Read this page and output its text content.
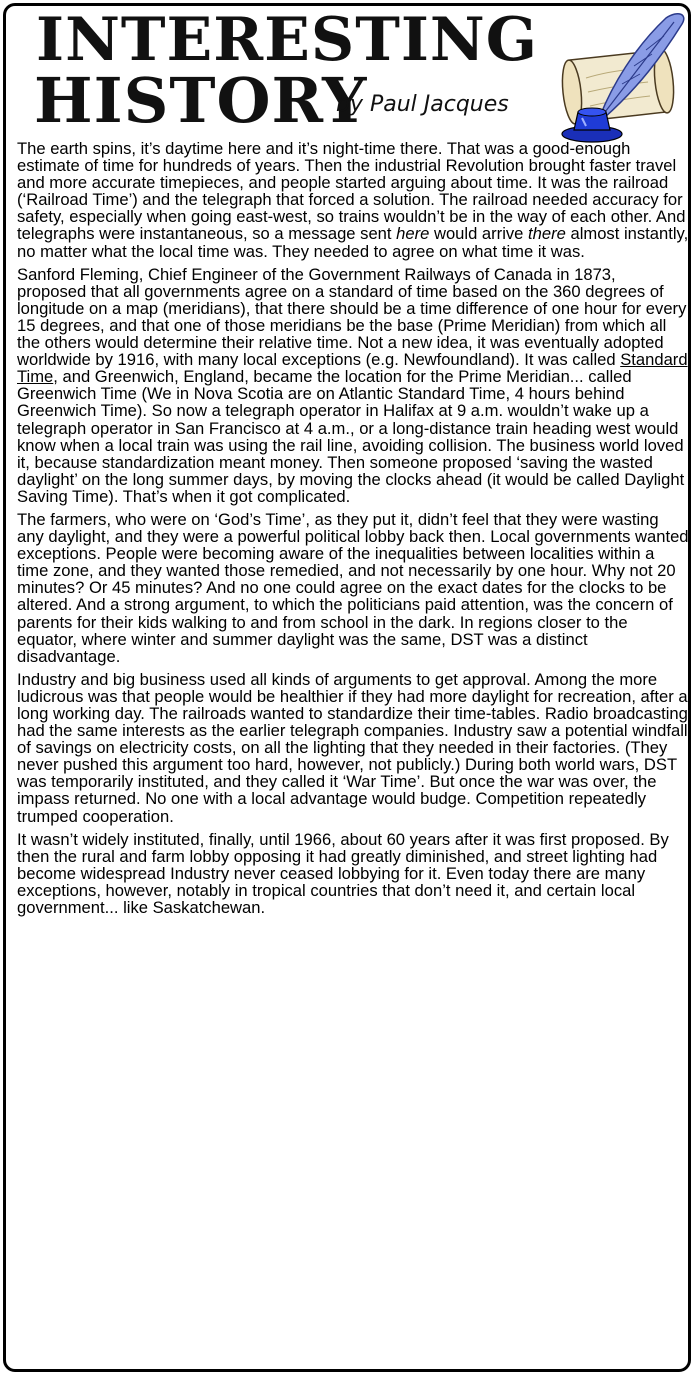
INTERESTING
HISTORY
by Paul Jacques

The earth spins, it’s daytime here and it’s night-time there. That was a good-enough estimate of time for hundreds of years. Then the industrial Revolution brought faster travel and more accurate timepieces, and people started arguing about time. It was the railroad (‘Railroad Time’) and the telegraph that forced a solution. The railroad needed accuracy for safety, especially when going east-west, so trains wouldn’t be in the way of each other. And telegraphs were instantaneous, so a message sent here would arrive there almost instantly, no matter what the local time was. They needed to agree on what time it was.

Sanford Fleming, Chief Engineer of the Government Railways of Canada in 1873, proposed that all governments agree on a standard of time based on the 360 degrees of longitude on a map (meridians), that there should be a time difference of one hour for every 15 degrees, and that one of those meridians be the base (Prime Meridian) from which all the others would determine their relative time. Not a new idea, it was eventually adopted worldwide by 1916, with many local exceptions (e.g. Newfoundland). It was called Standard Time, and Greenwich, England, became the location for the Prime Meridian... called Greenwich Time (We in Nova Scotia are on Atlantic Standard Time, 4 hours behind Greenwich Time). So now a telegraph operator in Halifax at 9 a.m. wouldn’t wake up a telegraph operator in San Francisco at 4 a.m., or a long-distance train heading west would know when a local train was using the rail line, avoiding collision. The business world loved it, because standardization meant money. Then someone proposed ‘saving the wasted daylight’ on the long summer days, by moving the clocks ahead (it would be called Daylight Saving Time). That’s when it got complicated.

The farmers, who were on ‘God’s Time’, as they put it, didn’t feel that they were wasting any daylight, and they were a powerful political lobby back then. Local governments wanted exceptions. People were becoming aware of the inequalities between localities within a time zone, and they wanted those remedied, and not necessarily by one hour. Why not 20 minutes? Or 45 minutes? And no one could agree on the exact dates for the clocks to be altered. And a strong argument, to which the politicians paid attention, was the concern of parents for their kids walking to and from school in the dark. In regions closer to the equator, where winter and summer daylight was the same, DST was a distinct disadvantage.

Industry and big business used all kinds of arguments to get approval. Among the more ludicrous was that people would be healthier if they had more daylight for recreation, after a long working day. The railroads wanted to standardize their time-tables. Radio broadcasting had the same interests as the earlier telegraph companies. Industry saw a potential windfall of savings on electricity costs, on all the lighting that they needed in their factories. (They never pushed this argument too hard, however, not publicly.) During both world wars, DST was temporarily instituted, and they called it ‘War Time’. But once the war was over, the impass returned. No one with a local advantage would budge. Competition repeatedly trumped cooperation.

It wasn’t widely instituted, finally, until 1966, about 60 years after it was first proposed. By then the rural and farm lobby opposing it had greatly diminished, and street lighting had become widespread Industry never ceased lobbying for it. Even today there are many exceptions, however, notably in tropical countries that don’t need it, and certain local government... like Saskatchewan.
